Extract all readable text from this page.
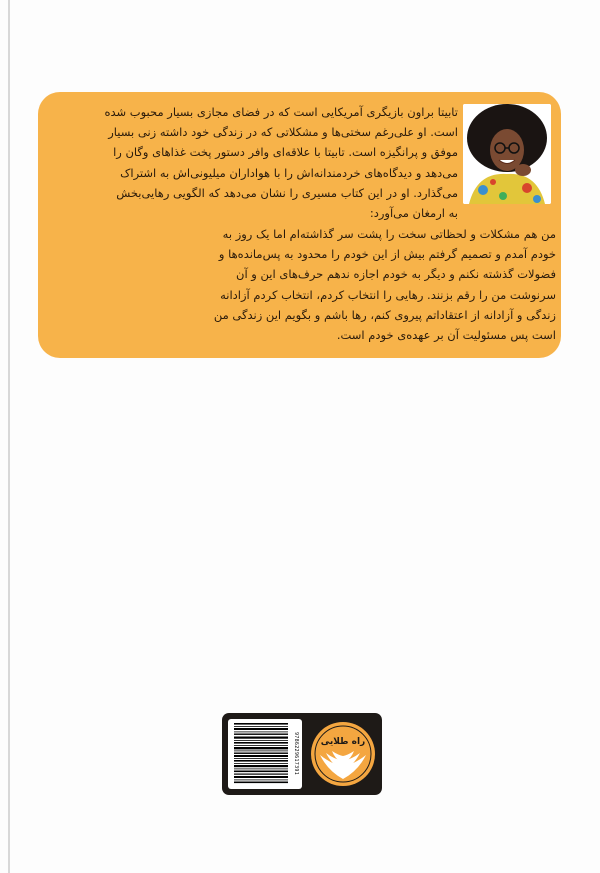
تابیتا براون بازیگری آمریکایی است که در فضای مجازی بسیار محبوب شده

است. او علی‌رغم سختی‌ها و مشکلاتی که در زندگی خود داشته زنی بسیار

موفق و پرانگیزه است. تابیتا با علاقه‌ای وافر دستور پخت غذاهای وگان را

می‌دهد و دیدگاه‌های خردمندانه‌اش را با هواداران میلیونی‌اش به اشتراک

می‌گذارد. او در این کتاب مسیری را نشان می‌دهد که الگویی رهایی‌بخش

به ارمغان می‌آورد:

من هم مشکلات و لحظاتی سخت را پشت سر گذاشته‌ام اما یک روز به

خودم آمدم و تصمیم گرفتم بیش از این خودم را محدود به پس‌مانده‌ها و

فضولات گذشته نکنم و دیگر به خودم اجازه ندهم حرف‌های این و آن

سرنوشت من را رقم بزنند. رهایی را انتخاب کردم، انتخاب کردم آزادانه

زندگی و آزادانه از اعتقاداتم پیروی کنم، رها باشم و بگویم این زندگی من

است پس مسئولیت آن بر عهده‌ی خودم است.

9786229617391 راه طلایی
